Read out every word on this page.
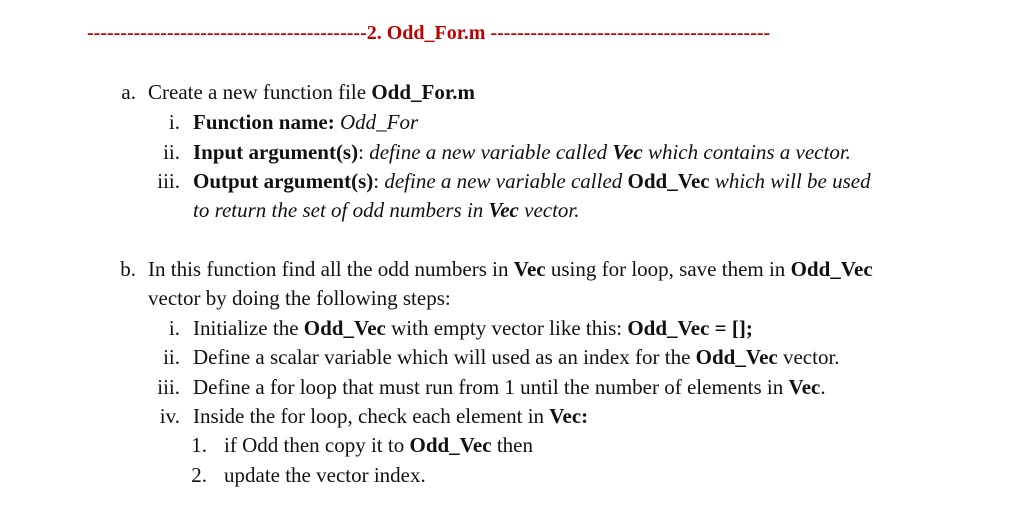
------------------------------------------2. Odd_For.m ------------------------------------------
a. Create a new function file Odd_For.m
i. Function name: Odd_For
ii. Input argument(s): define a new variable called Vec which contains a vector.
iii. Output argument(s): define a new variable called Odd_Vec which will be used
to return the set of odd numbers in Vec vector.
b. In this function find all the odd numbers in Vec using for loop, save them in Odd_Vec
vector by doing the following steps:
i. Initialize the Odd_Vec with empty vector like this: Odd_Vec = [];
ii. Define a scalar variable which will used as an index for the Odd_Vec vector.
iii. Define a for loop that must run from 1 until the number of elements in Vec.
iv. Inside the for loop, check each element in Vec:
1. if Odd then copy it to Odd_Vec then
2. update the vector index.
